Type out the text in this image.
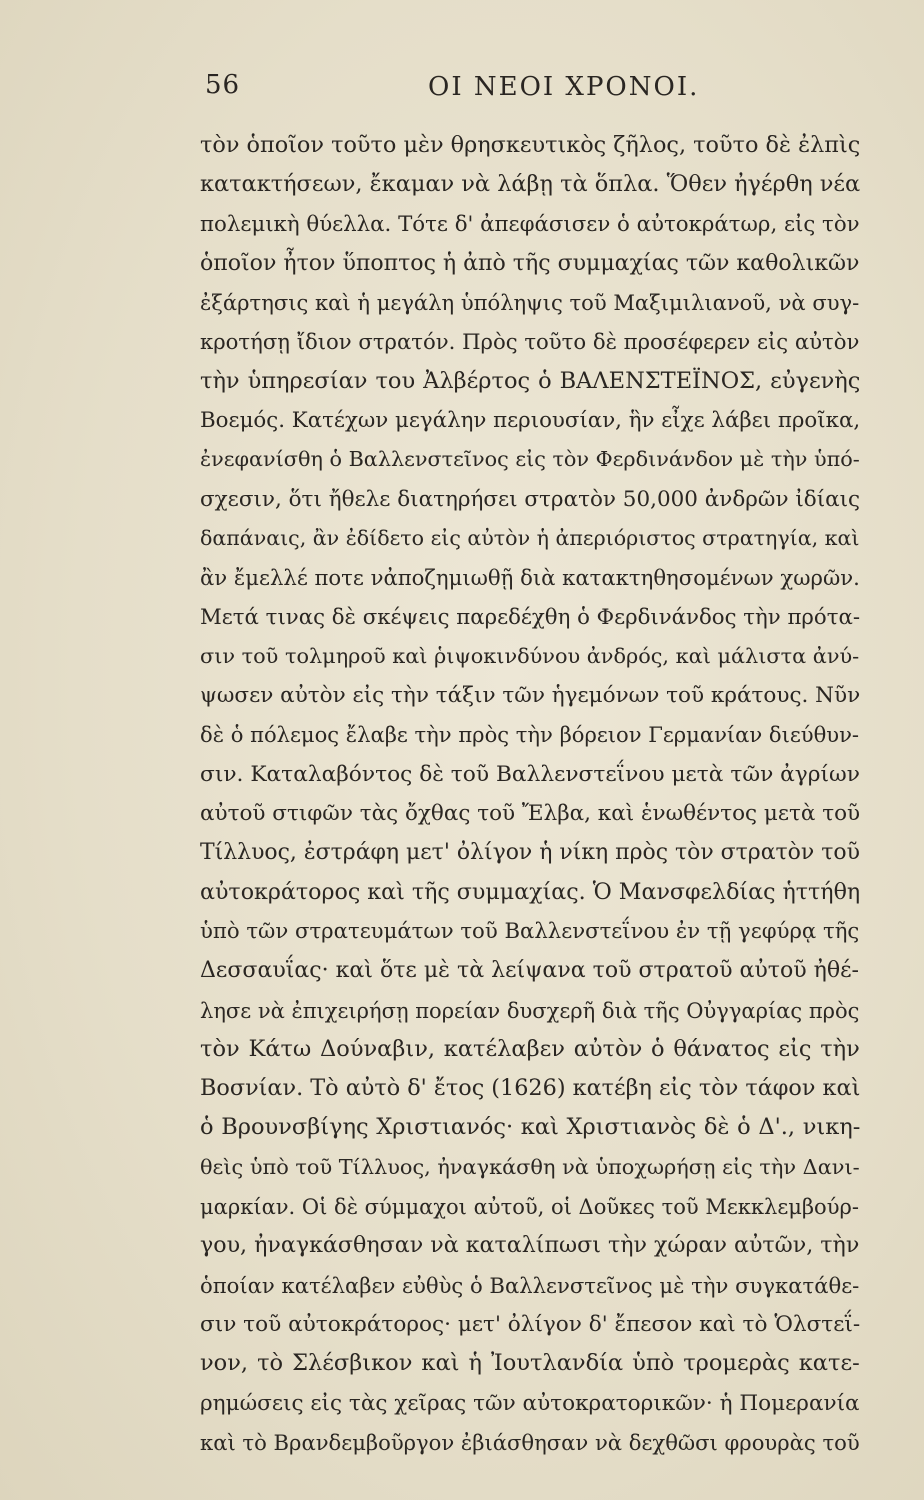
56	ΟΙ ΝΕΟΙ ΧΡΟΝΟΙ.
τὸν ὁποῖον τοῦτο μὲν θρησκευτικὸς ζῆλος, τοῦτο δὲ ἐλπὶς
κατακτήσεων, ἔκαμαν νὰ λάβῃ τὰ ὅπλα. Ὅθεν ἠγέρθη νέα
πολεμικὴ θύελλα. Τότε δ' ἀπεφάσισεν ὁ αὐτοκράτωρ, εἰς τὸν
ὁποῖον ἦτον ὕποπτος ἡ ἀπὸ τῆς συμμαχίας τῶν καθολικῶν
ἐξάρτησις καὶ ἡ μεγάλη ὑπόληψις τοῦ Μαξιμιλιανοῦ, νὰ συγ-
κροτήσῃ ἴδιον στρατόν. Πρὸς τοῦτο δὲ προσέφερεν εἰς αὐτὸν
τὴν ὑπηρεσίαν του Ἀλβέρτος ὁ ΒΑΛΕΝΣΤΕΪΝΟΣ, εὐγενὴς
Βοεμός. Κατέχων μεγάλην περιουσίαν, ἣν εἶχε λάβει προῖκα,
ἐνεφανίσθη ὁ Βαλλενστεῖνος εἰς τὸν Φερδινάνδον μὲ τὴν ὑπό-
σχεσιν, ὅτι ἤθελε διατηρήσει στρατὸν 50,000 ἀνδρῶν ἰδίαις
δαπάναις, ἂν ἐδίδετο εἰς αὐτὸν ἡ ἀπεριόριστος στρατηγία, καὶ
ἂν ἔμελλέ ποτε νἀποζημιωθῇ διὰ κατακτηθησομένων χωρῶν.
Μετά τινας δὲ σκέψεις παρεδέχθη ὁ Φερδινάνδος τὴν πρότα-
σιν τοῦ τολμηροῦ καὶ ῥιψοκινδύνου ἀνδρός, καὶ μάλιστα ἀνύ-
ψωσεν αὐτὸν εἰς τὴν τάξιν τῶν ἡγεμόνων τοῦ κράτους. Νῦν
δὲ ὁ πόλεμος ἔλαβε τὴν πρὸς τὴν βόρειον Γερμανίαν διεύθυν-
σιν. Καταλαβόντος δὲ τοῦ Βαλλενστεΐνου μετὰ τῶν ἀγρίων
αὐτοῦ στιφῶν τὰς ὄχθας τοῦ Ἔλβα, καὶ ἑνωθέντος μετὰ τοῦ
Τίλλυος, ἐστράφη μετ' ὀλίγον ἡ νίκη πρὸς τὸν στρατὸν τοῦ
αὐτοκράτορος καὶ τῆς συμμαχίας. Ὁ Μανσφελδίας ἡττήθη
ὑπὸ τῶν στρατευμάτων τοῦ Βαλλενστεΐνου ἐν τῇ γεφύρᾳ τῆς
Δεσσαυΐας· καὶ ὅτε μὲ τὰ λείψανα τοῦ στρατοῦ αὐτοῦ ἠθέ-
λησε νὰ ἐπιχειρήσῃ πορείαν δυσχερῆ διὰ τῆς Οὐγγαρίας πρὸς
τὸν Κάτω Δούναβιν, κατέλαβεν αὐτὸν ὁ θάνατος εἰς τὴν
Βοσνίαν. Τὸ αὐτὸ δ' ἔτος (1626) κατέβη εἰς τὸν τάφον καὶ
ὁ Βρουνσβίγης Χριστιανός· καὶ Χριστιανὸς δὲ ὁ Δ'., νικη-
θεὶς ὑπὸ τοῦ Τίλλυος, ἠναγκάσθη νὰ ὑποχωρήσῃ εἰς τὴν Δανι-
μαρκίαν. Οἱ δὲ σύμμαχοι αὐτοῦ, οἱ Δοῦκες τοῦ Μεκκλεμβούρ-
γου, ἠναγκάσθησαν νὰ καταλίπωσι τὴν χώραν αὐτῶν, τὴν
ὁποίαν κατέλαβεν εὐθὺς ὁ Βαλλενστεῖνος μὲ τὴν συγκατάθε-
σιν τοῦ αὐτοκράτορος· μετ' ὀλίγον δ' ἔπεσον καὶ τὸ Ὁλστεΐ-
νον, τὸ Σλέσβικον καὶ ἡ Ἰουτλανδία ὑπὸ τρομερὰς κατε-
ρημώσεις εἰς τὰς χεῖρας τῶν αὐτοκρατορικῶν· ἡ Πομερανία
καὶ τὸ Βρανδεμβοῦργον ἐβιάσθησαν νὰ δεχθῶσι φρουρὰς τοῦ
